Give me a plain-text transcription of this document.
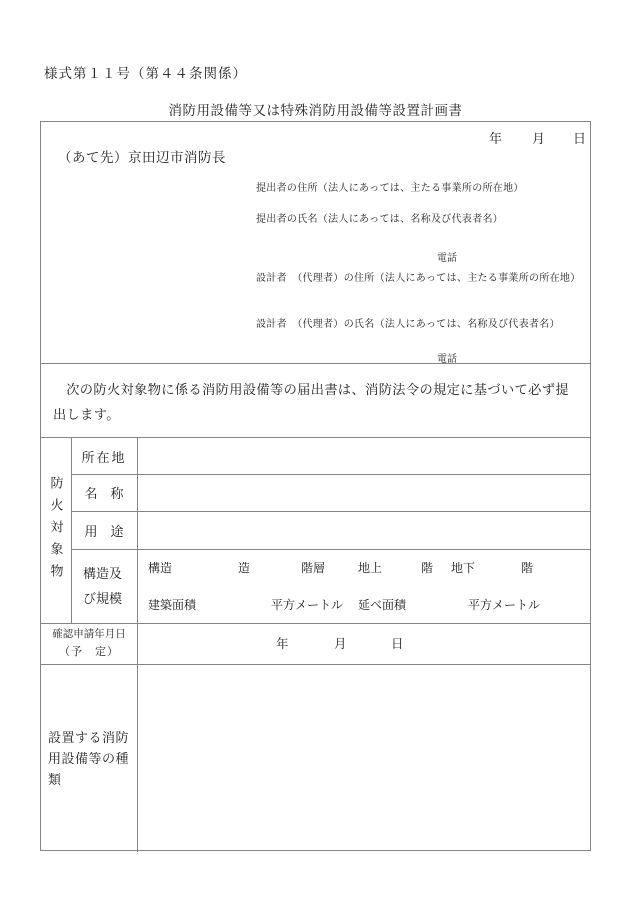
様式第１１号（第４４条関係）
消防用設備等又は特殊消防用設備等設置計画書
年 月 日
（あて先）京田辺市消防長
提出者の住所（法人にあっては、主たる事業所の所在地）
提出者の氏名（法人にあっては、名称及び代表者名）
電話
設計者　（代理者）の住所（法人にあっては、主たる事業所の所在地）
設計者　（代理者）の氏名（法人にあっては、名称及び代表者名）
電話
次の防火対象物に係る消防用設備等の届出書は、消防法令の規定に基づいて必ず提出します。
防火対象物
所在地
名　称
用　途
構造及び規模
構造	造	階層	地上	階 地下	階
建築面積	平方メートル 延べ面積	平方メートル
確認申請年月日
（予　定）
年	月	日
設置する消防用設備等の種類
